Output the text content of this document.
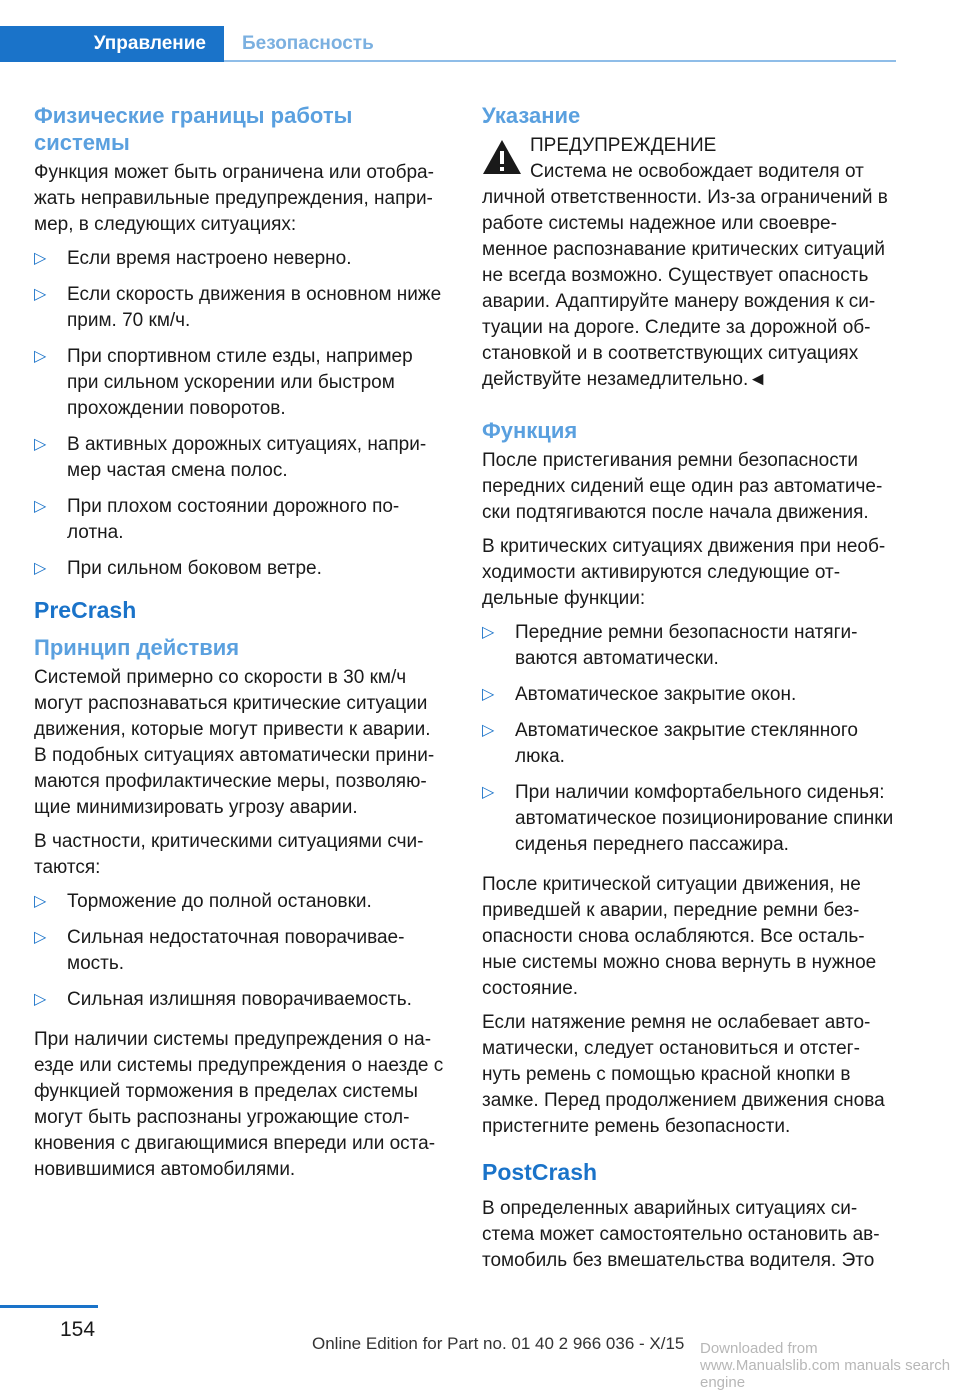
Управление	Безопасность
Физические границы работы системы

Функция может быть ограничена или отобра-жать неправильные предупреждения, напри-мер, в следующих ситуациях:

▷ Если время настроено неверно.
▷ Если скорость движения в основном ниже прим. 70 км/ч.
▷ При спортивном стиле езды, например при сильном ускорении или быстром прохождении поворотов.
▷ В активных дорожных ситуациях, напри-мер частая смена полос.
▷ При плохом состоянии дорожного по-лотна.
▷ При сильном боковом ветре.
PreCrash
Принцип действия

Системой примерно со скорости в 30 км/ч могут распознаваться критические ситуации движения, которые могут привести к аварии. В подобных ситуациях автоматически прини-маются профилактические меры, позволяю-щие минимизировать угрозу аварии.

В частности, критическими ситуациями счи-таются:

▷ Торможение до полной остановки.
▷ Сильная недостаточная поворачивае-мость.
▷ Сильная излишняя поворачиваемость.

При наличии системы предупреждения о на-езде или системы предупреждения о наезде с функцией торможения в пределах системы могут быть распознаны угрожающие стол-кновения с двигающимися впереди или оста-новившимися автомобилями.

Указание
ПРЕДУПРЕЖДЕНИЕ
Система не освобождает водителя от

личной ответственности. Из-за ограничений в работе системы надежное или своевре-менное распознавание критических ситуаций не всегда возможно. Существует опасность аварии. Адаптируйте манеру вождения к си-туации на дороге. Следите за дорожной об-становкой и в соответствующих ситуациях действуйте незамедлительно.◄

Функция

После пристегивания ремни безопасности передних сидений еще один раз автоматиче-ски подтягиваются после начала движения.

В критических ситуациях движения при необ-ходимости активируются следующие от-дельные функции:

▷ Передние ремни безопасности натяги-ваются автоматически.
▷ Автоматическое закрытие окон.
▷ Автоматическое закрытие стеклянного люка.
▷ При наличии комфортабельного сиденья: автоматическое позиционирование спинки сиденья переднего пассажира.

После критической ситуации движения, не приведшей к аварии, передние ремни без-опасности снова ослабляются. Все осталь-ные системы можно снова вернуть в нужное состояние.

Если натяжение ремня не ослабевает авто-матически, следует остановиться и отстег-нуть ремень с помощью красной кнопки в замке. Перед продолжением движения снова пристегните ремень безопасности.

PostCrash

В определенных аварийных ситуациях си-стема может самостоятельно остановить ав-томобиль без вмешательства водителя. Это

154
Online Edition for Part no. 01 40 2 966 036 - X/15 Downloaded from www.Manualslib.com manuals search engine
